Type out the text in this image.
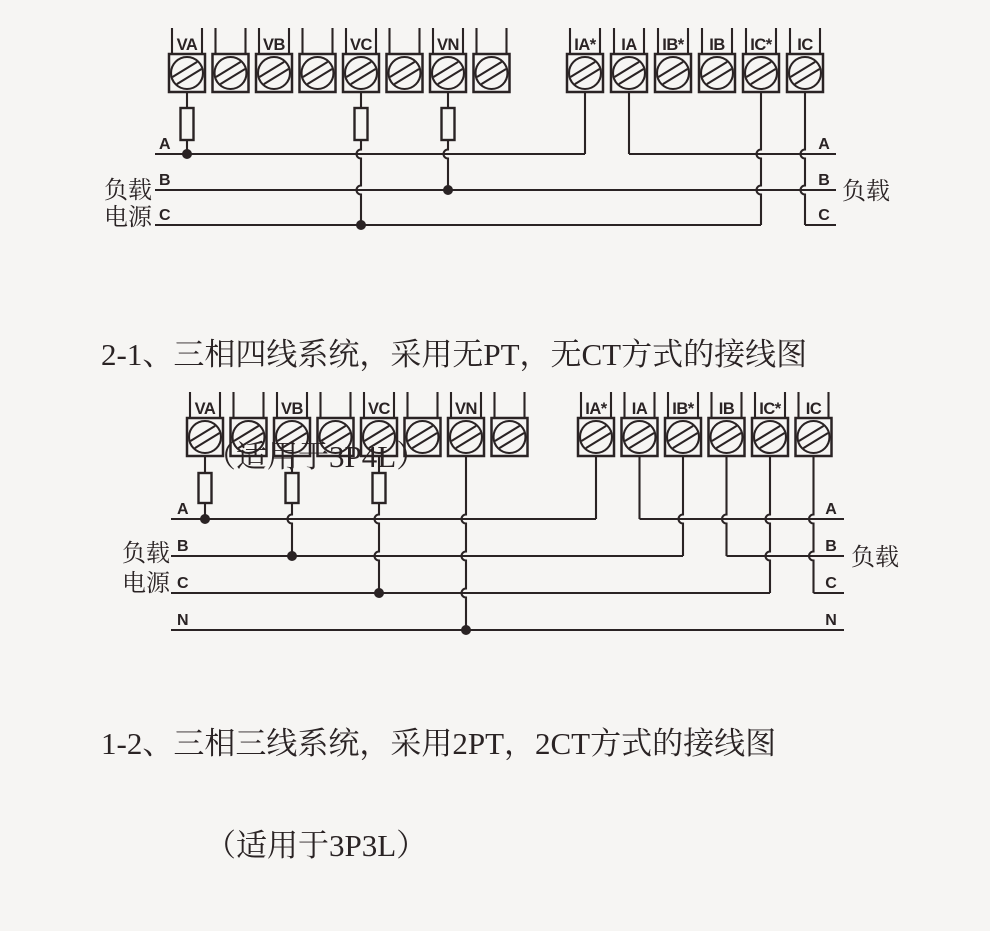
VA	VB	VC	VN	IA* IA IB* IB IC* IC
A
B
C
A
B
C
负载
电源
负载
VA	VB	VC	VN	IA* IA IB* IB IC* IC
A
B
C
N
A
B
C
N
负载
电源
负载

2-1、三相四线系统，采用无PT，无CT方式的接线图

（适用于3P4L）

1-2、三相三线系统，采用2PT，2CT方式的接线图

（适用于3P3L）
